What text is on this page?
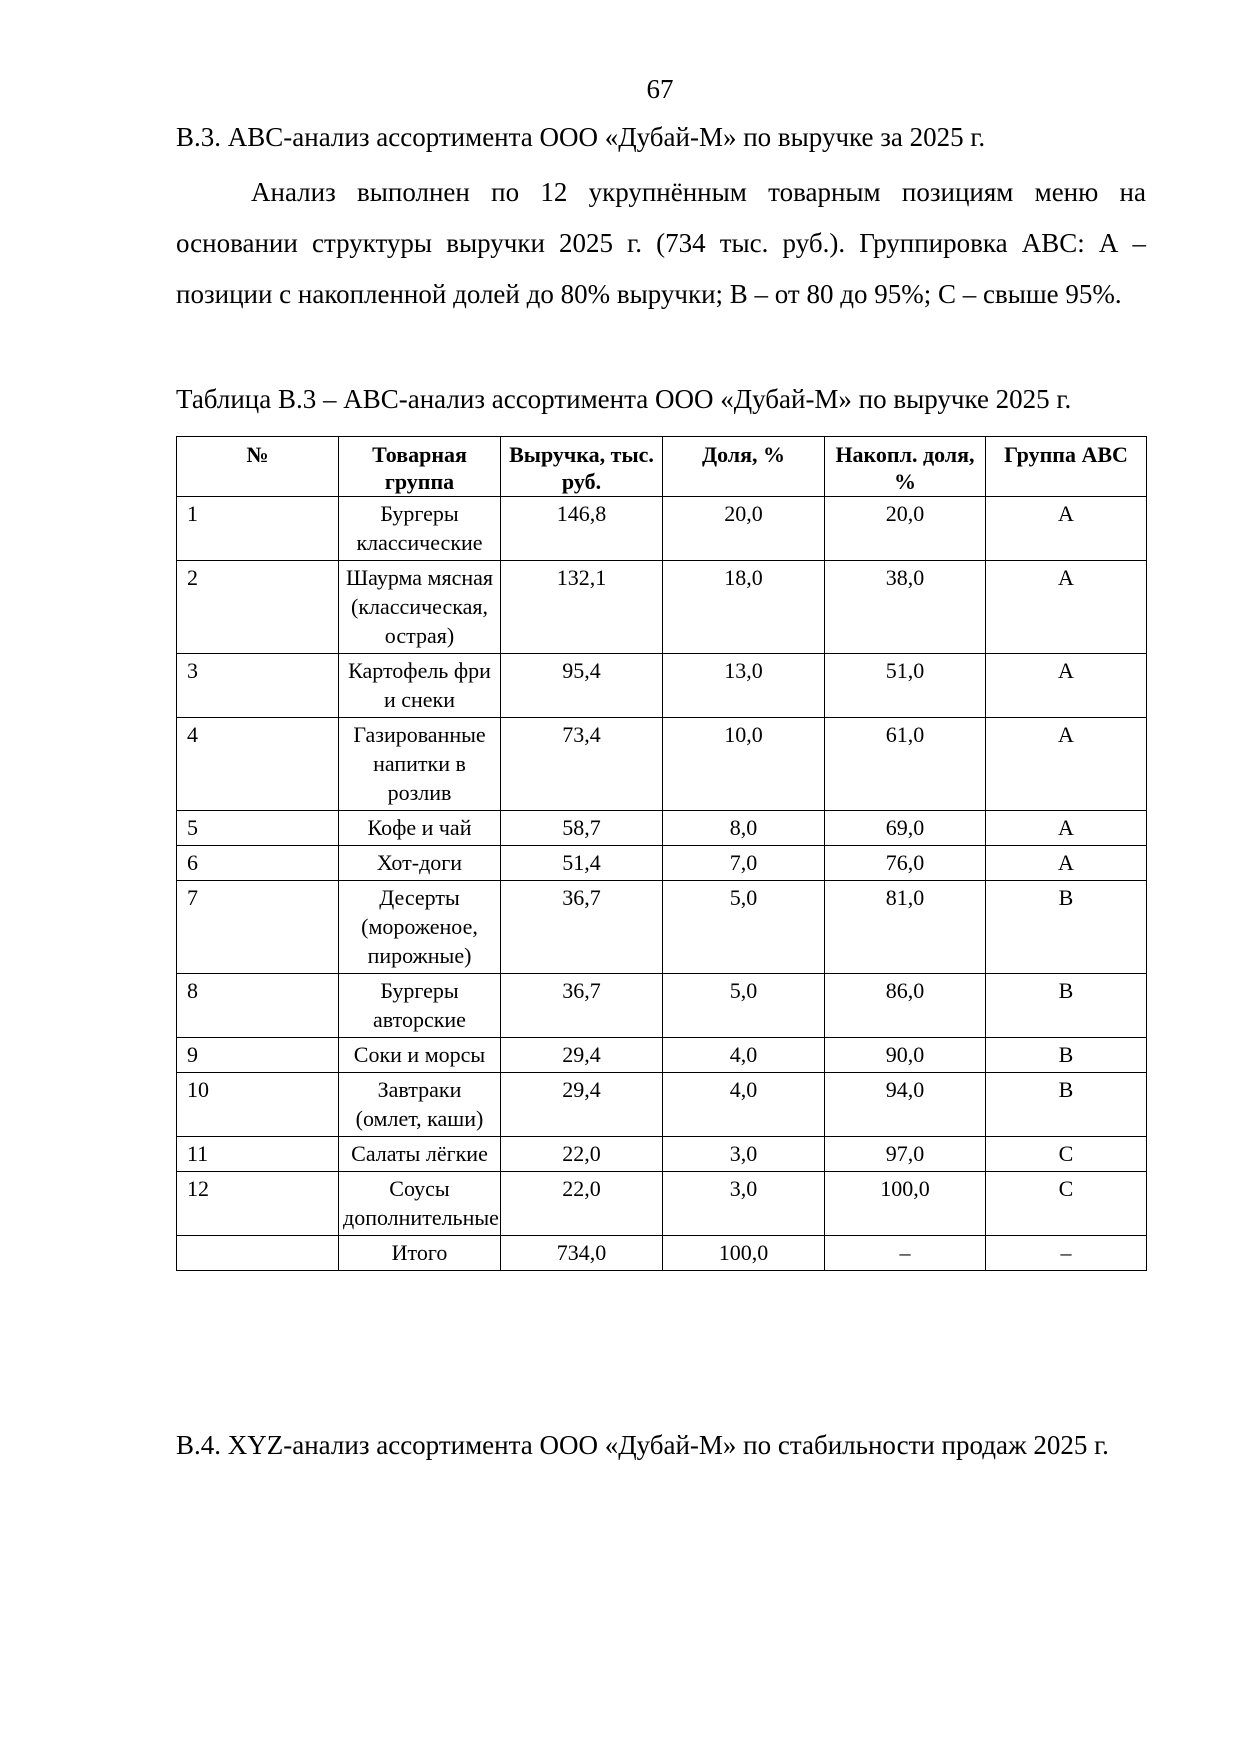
67

В.3. ABC-анализ ассортимента ООО «Дубай-М» по выручке за 2025 г.

Анализ выполнен по 12 укрупнённым товарным позициям меню на основании структуры выручки 2025 г. (734 тыс. руб.). Группировка ABC: А – позиции с накопленной долей до 80% выручки; В – от 80 до 95%; С – свыше 95%.

Таблица В.3 – ABC-анализ ассортимента ООО «Дубай-М» по выручке 2025 г.

№	Товарная группа	Выручка, тыс. руб.	Доля, %	Накопл. доля, %	Группа ABC
1	Бургеры классическиe	146,8	20,0	20,0	A
2	Шаурма мясная (классическая, острая)	132,1	18,0	38,0	A
3	Картофель фри и снеки	95,4	13,0	51,0	A
4	Газированные напитки в розлив	73,4	10,0	61,0	A
5	Кофе и чай	58,7	8,0	69,0	A
6	Хот-доги	51,4	7,0	76,0	A
7	Десерты (мороженое, пирожные)	36,7	5,0	81,0	B
8	Бургеры авторские	36,7	5,0	86,0	B
9	Соки и морсы	29,4	4,0	90,0	B
10	Завтраки (омлет, каши)	29,4	4,0	94,0	B
11	Салаты лёгкие	22,0	3,0	97,0	C
12	Соусы дополнительные	22,0	3,0	100,0	C
	Итого	734,0	100,0	–	–

В.4. XYZ-анализ ассортимента ООО «Дубай-М» по стабильности продаж 2025 г.
